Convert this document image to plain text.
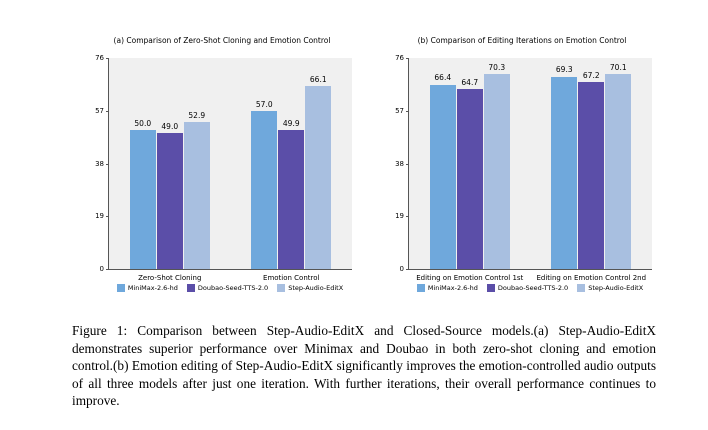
(a) Comparison of Zero-Shot Cloning and Emotion Control
0
19
38
57
76
50.0 49.0
52.9
Zero-Shot Cloning
57.0
49.9
66.1
Emotion Control
MiniMax-2.6-hd	Doubao-Seed-TTS-2.0	Step-Audio-EditX
(b) Comparison of Editing Iterations on Emotion Control
0
19
38
57
76
66.4
64.7
70.3
Editing on Emotion Control 1st
69.3
67.2
70.1
Editing on Emotion Control 2nd
MiniMax-2.6-hd	Doubao-Seed-TTS-2.0	Step-Audio-EditX
Figure 1: Comparison between Step-Audio-EditX and Closed-Source models.(a) Step-Audio-EditX demonstrates superior performance over Minimax and Doubao in both zero-shot cloning and emotion control.(b) Emotion editing of Step-Audio-EditX significantly improves the emotion-controlled audio outputs of all three models after just one iteration. With further iterations, their overall performance continues to improve.
